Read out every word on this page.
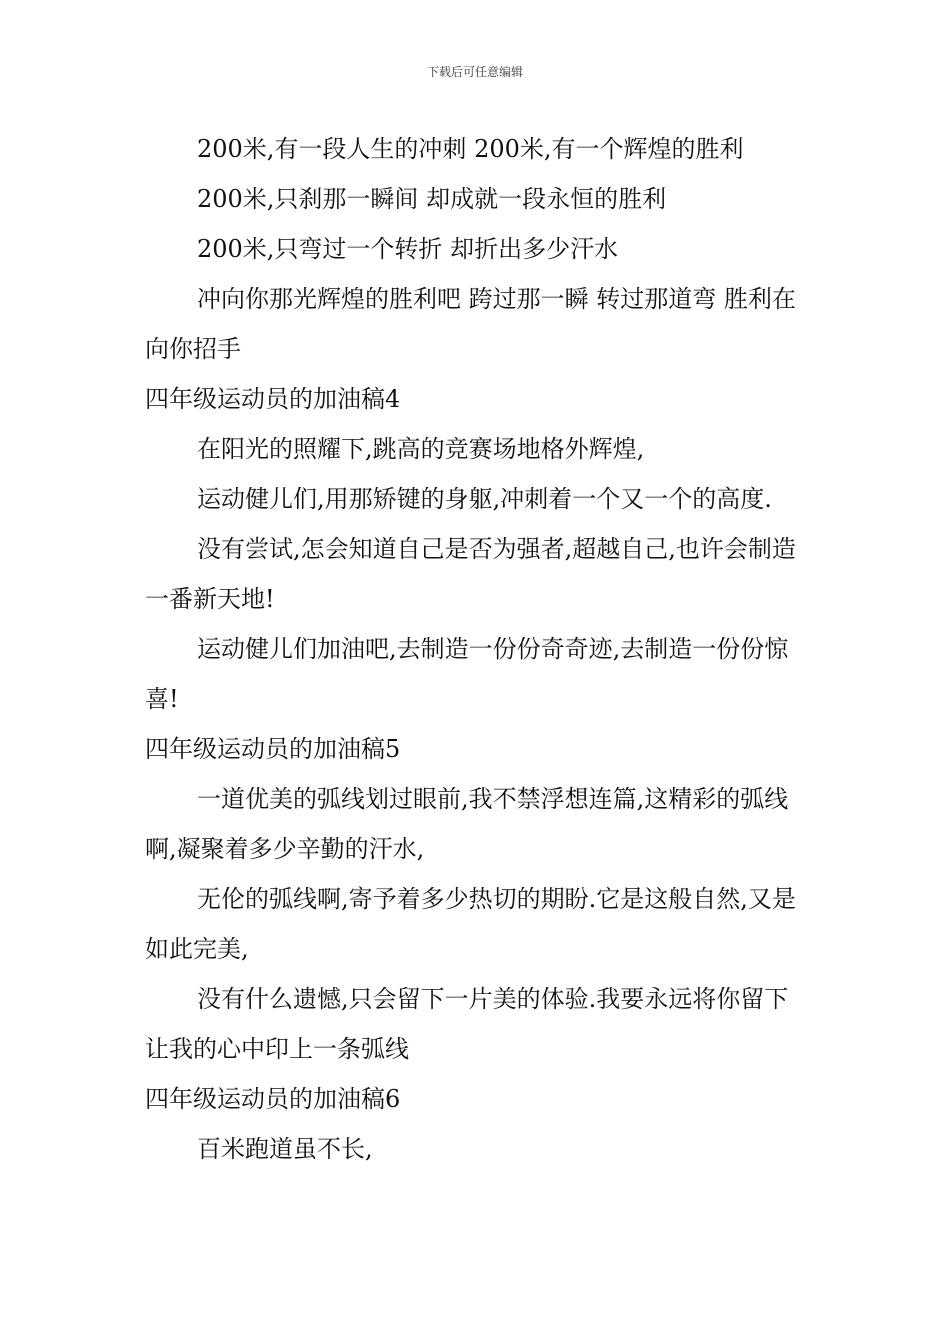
下载后可任意编辑

200米,有一段人生的冲刺 200米,有一个辉煌的胜利

200米,只刹那一瞬间 却成就一段永恒的胜利

200米,只弯过一个转折 却折出多少汗水

冲向你那光辉煌的胜利吧 跨过那一瞬 转过那道弯 胜利在向你招手

四年级运动员的加油稿4

在阳光的照耀下,跳高的竞赛场地格外辉煌,

运动健儿们,用那矫键的身躯,冲刺着一个又一个的高度.

没有尝试,怎会知道自己是否为强者,超越自己,也许会制造一番新天地!

运动健儿们加油吧,去制造一份份奇奇迹,去制造一份份惊喜!

四年级运动员的加油稿5

一道优美的弧线划过眼前,我不禁浮想连篇,这精彩的弧线啊,凝聚着多少辛勤的汗水,

无伦的弧线啊,寄予着多少热切的期盼.它是这般自然,又是如此完美,

没有什么遗憾,只会留下一片美的体验.我要永远将你留下让我的心中印上一条弧线

四年级运动员的加油稿6

百米跑道虽不长,
